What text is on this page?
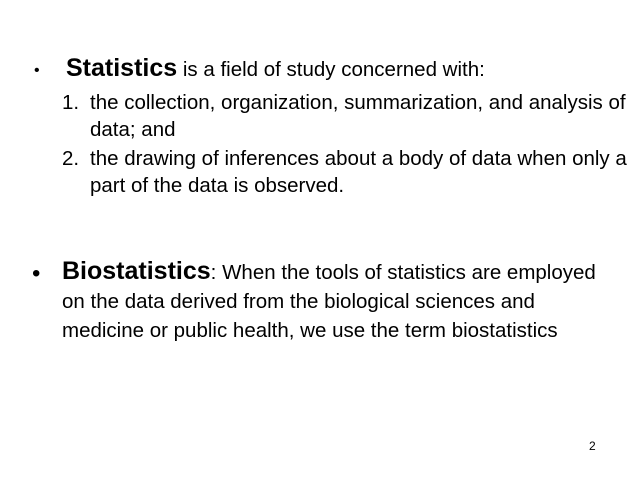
• Statistics is a field of study concerned with:
1. the collection, organization, summarization, and analysis of data; and
2. the drawing of inferences about a body of data when only a part of the data is observed.
• Biostatistics: When the tools of statistics are employed on the data derived from the biological sciences and medicine or public health, we use the term biostatistics
2
